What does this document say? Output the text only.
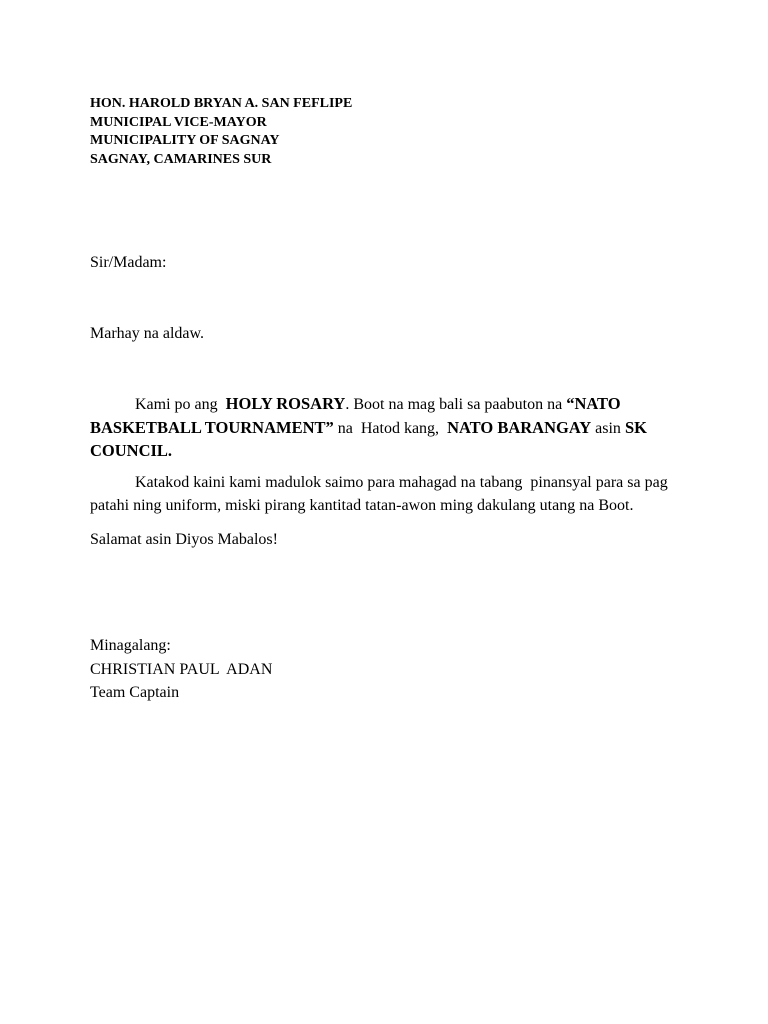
HON. HAROLD BRYAN A. SAN FEFLIPE
MUNICIPAL VICE-MAYOR
MUNICIPALITY OF SAGNAY
SAGNAY, CAMARINES SUR
Sir/Madam:
Marhay na aldaw.

Kami po ang  HOLY ROSARY. Boot na mag bali sa paabuton na “NATO BASKETBALL TOURNAMENT” na  Hatod kang,  NATO BARANGAY asin SK COUNCIL.

Katakod kaini kami madulok saimo para mahagad na tabang  pinansyal para sa pag patahi ning uniform, miski pirang kantitad tatan-awon ming dakulang utang na Boot.

Salamat asin Diyos Mabalos!
Minagalang:
CHRISTIAN PAUL  ADAN
Team Captain
